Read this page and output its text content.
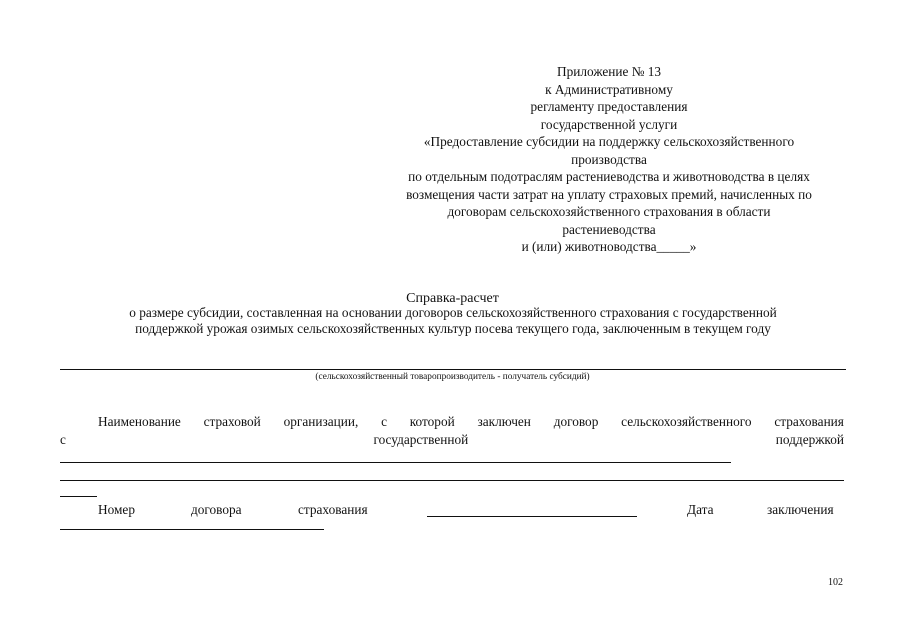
Приложение № 13
к Административному
регламенту предоставления
государственной услуги
«Предоставление субсидии на поддержку сельскохозяйственного
производства
по отдельным подотраслям растениеводства и животноводства в целях
возмещения части затрат на уплату страховых премий, начисленных по
договорам сельскохозяйственного страхования в области
растениеводства
и (или) животноводства_____»
Справка-расчет
о размере субсидии, составленная на основании договоров сельскохозяйственного страхования с государственной
поддержкой урожая озимых сельскохозяйственных культур посева текущего года, заключенным в текущем году
(сельскохозяйственный товаропроизводитель - получатель субсидий)
Наименование страховой организации, с которой заключен договор сельскохозяйственного страхования
с	государственной	поддержкой
Номер	договора	страхования	Дата	заключения
102
